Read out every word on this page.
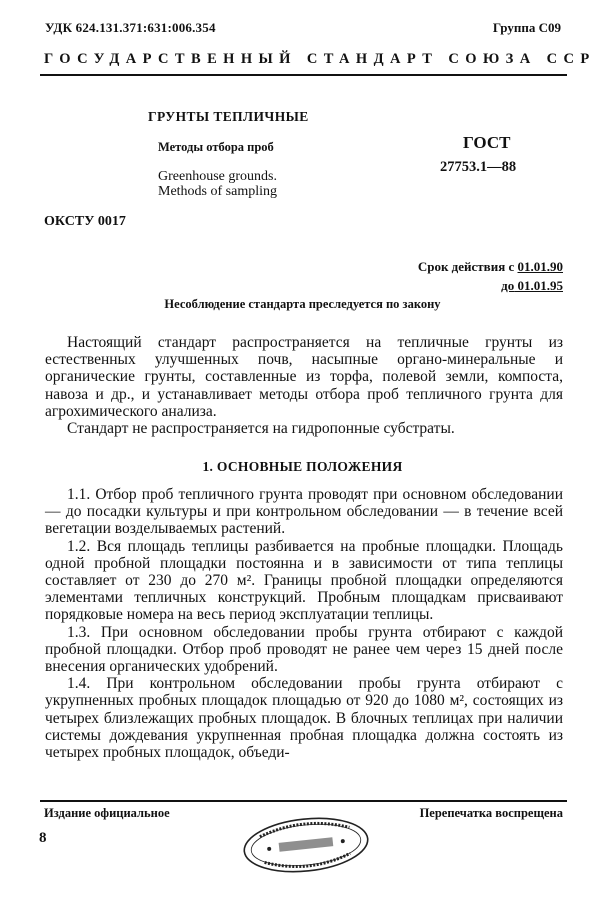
УДК 624.131.371:631:006.354	Группа С09
ГОСУДАРСТВЕННЫЙ СТАНДАРТ СОЮЗА ССР
ГРУНТЫ ТЕПЛИЧНЫЕ
Методы отбора проб
Greenhouse grounds.
Methods of sampling
ГОСТ
27753.1—88
ОКСТУ 0017
Срок действия с 01.01.90
до 01.01.95
Несоблюдение стандарта преследуется по закону

Настоящий стандарт распространяется на тепличные грунты из естественных улучшенных почв, насыпные органо-минеральные и органические грунты, составленные из торфа, полевой земли, компоста, навоза и др., и устанавливает методы отбора проб тепличного грунта для агрохимического анализа.

Стандарт не распространяется на гидропонные субстраты.

1. ОСНОВНЫЕ ПОЛОЖЕНИЯ

1.1. Отбор проб тепличного грунта проводят при основном обследовании — до посадки культуры и при контрольном обследовании — в течение всей вегетации возделываемых растений.

1.2. Вся площадь теплицы разбивается на пробные площадки. Площадь одной пробной площадки постоянна и в зависимости от типа теплицы составляет от 230 до 270 м². Границы пробной площадки определяются элементами тепличных конструкций. Пробным площадкам присваивают порядковые номера на весь период эксплуатации теплицы.

1.3. При основном обследовании пробы грунта отбирают с каждой пробной площадки. Отбор проб проводят не ранее чем через 15 дней после внесения органических удобрений.

1.4. При контрольном обследовании пробы грунта отбирают с укрупненных пробных площадок площадью от 920 до 1080 м², состоящих из четырех близлежащих пробных площадок. В блочных теплицах при наличии системы дождевания укрупненная пробная площадка должна состоять из четырех пробных площадок, объеди-

Издание официальное	Перепечатка воспрещена
8
